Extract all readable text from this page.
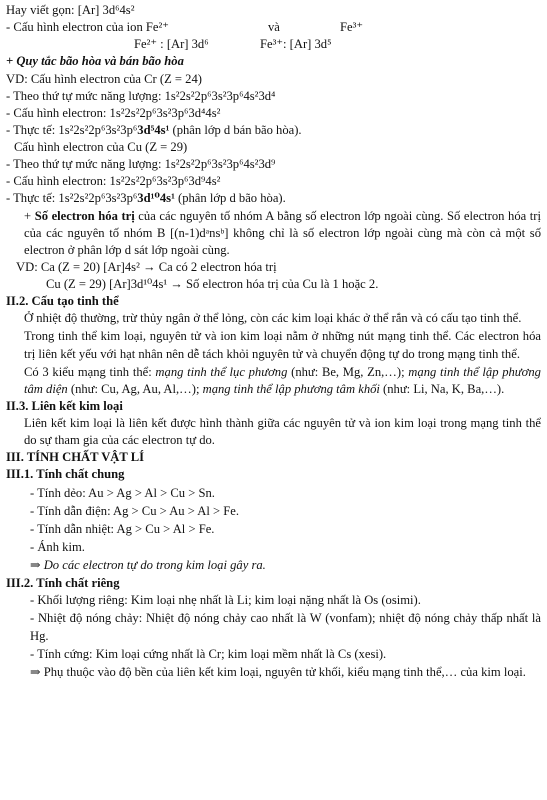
Hay viết gọn: [Ar] 3d⁶4s²
- Cấu hình electron của ion Fe²⁺	và	Fe³⁺
Fe²⁺ : [Ar] 3d⁶	Fe³⁺: [Ar] 3d⁵
+ Quy tắc bão hòa và bán bão hòa
VD: Cấu hình electron của Cr (Z = 24)
- Theo thứ tự mức năng lượng: 1s²2s²2p⁶3s²3p⁶4s²3d⁴
- Cấu hình electron: 1s²2s²2p⁶3s²3p⁶3d⁴4s²
- Thực tế: 1s²2s²2p⁶3s²3p⁶3d⁵4s¹ (phân lớp d bán bão hòa).
Cấu hình electron của Cu (Z = 29)
- Theo thứ tự mức năng lượng: 1s²2s²2p⁶3s²3p⁶4s²3d⁹
- Cấu hình electron: 1s²2s²2p⁶3s²3p⁶3d⁹4s²
- Thực tế: 1s²2s²2p⁶3s²3p⁶3d¹⁰4s¹ (phân lớp d bão hòa).

+ Số electron hóa trị của các nguyên tố nhóm A bằng số electron lớp ngoài cùng. Số electron hóa trị của các nguyên tố nhóm B [(n-1)dᵃnsᵇ] không chỉ là số electron lớp ngoài cùng mà còn cả một số electron ở phân lớp d sát lớp ngoài cùng.

VD: Ca (Z = 20) [Ar]4s² → Ca có 2 electron hóa trị
Cu (Z = 29) [Ar]3d¹⁰4s¹ → Số electron hóa trị của Cu là 1 hoặc 2.
II.2. Cấu tạo tinh thể

Ở nhiệt độ thường, trừ thủy ngân ở thể lỏng, còn các kim loại khác ở thể rắn và có cấu tạo tinh thể.

Trong tinh thể kim loại, nguyên tử và ion kim loại nằm ở những nút mạng tinh thể. Các electron hóa trị liên kết yếu với hạt nhân nên dễ tách khỏi nguyên tử và chuyển động tự do trong mạng tinh thể.

Có 3 kiểu mạng tinh thể: mạng tinh thể lục phương (như: Be, Mg, Zn,…); mạng tinh thể lập phương tâm diện (như: Cu, Ag, Au, Al,…); mạng tinh thể lập phương tâm khối (như: Li, Na, K, Ba,…).

II.3. Liên kết kim loại

Liên kết kim loại là liên kết được hình thành giữa các nguyên tử và ion kim loại trong mạng tinh thể do sự tham gia của các electron tự do.

III. TÍNH CHẤT VẬT LÍ
III.1. Tính chất chung
- Tính dẻo: Au > Ag > Al > Cu > Sn.
- Tính dẫn điện: Ag > Cu > Au > Al > Fe.
- Tính dẫn nhiệt: Ag > Cu > Al > Fe.
- Ánh kim.
⇒ Do các electron tự do trong kim loại gây ra.
III.2. Tính chất riêng
- Khối lượng riêng: Kim loại nhẹ nhất là Li; kim loại nặng nhất là Os (osimi).

- Nhiệt độ nóng chảy: Nhiệt độ nóng chảy cao nhất là W (vonfam); nhiệt độ nóng chảy thấp nhất là Hg.

- Tính cứng: Kim loại cứng nhất là Cr; kim loại mềm nhất là Cs (xesi).

⇒ Phụ thuộc vào độ bền của liên kết kim loại, nguyên tử khối, kiểu mạng tinh thể,… của kim loại.
